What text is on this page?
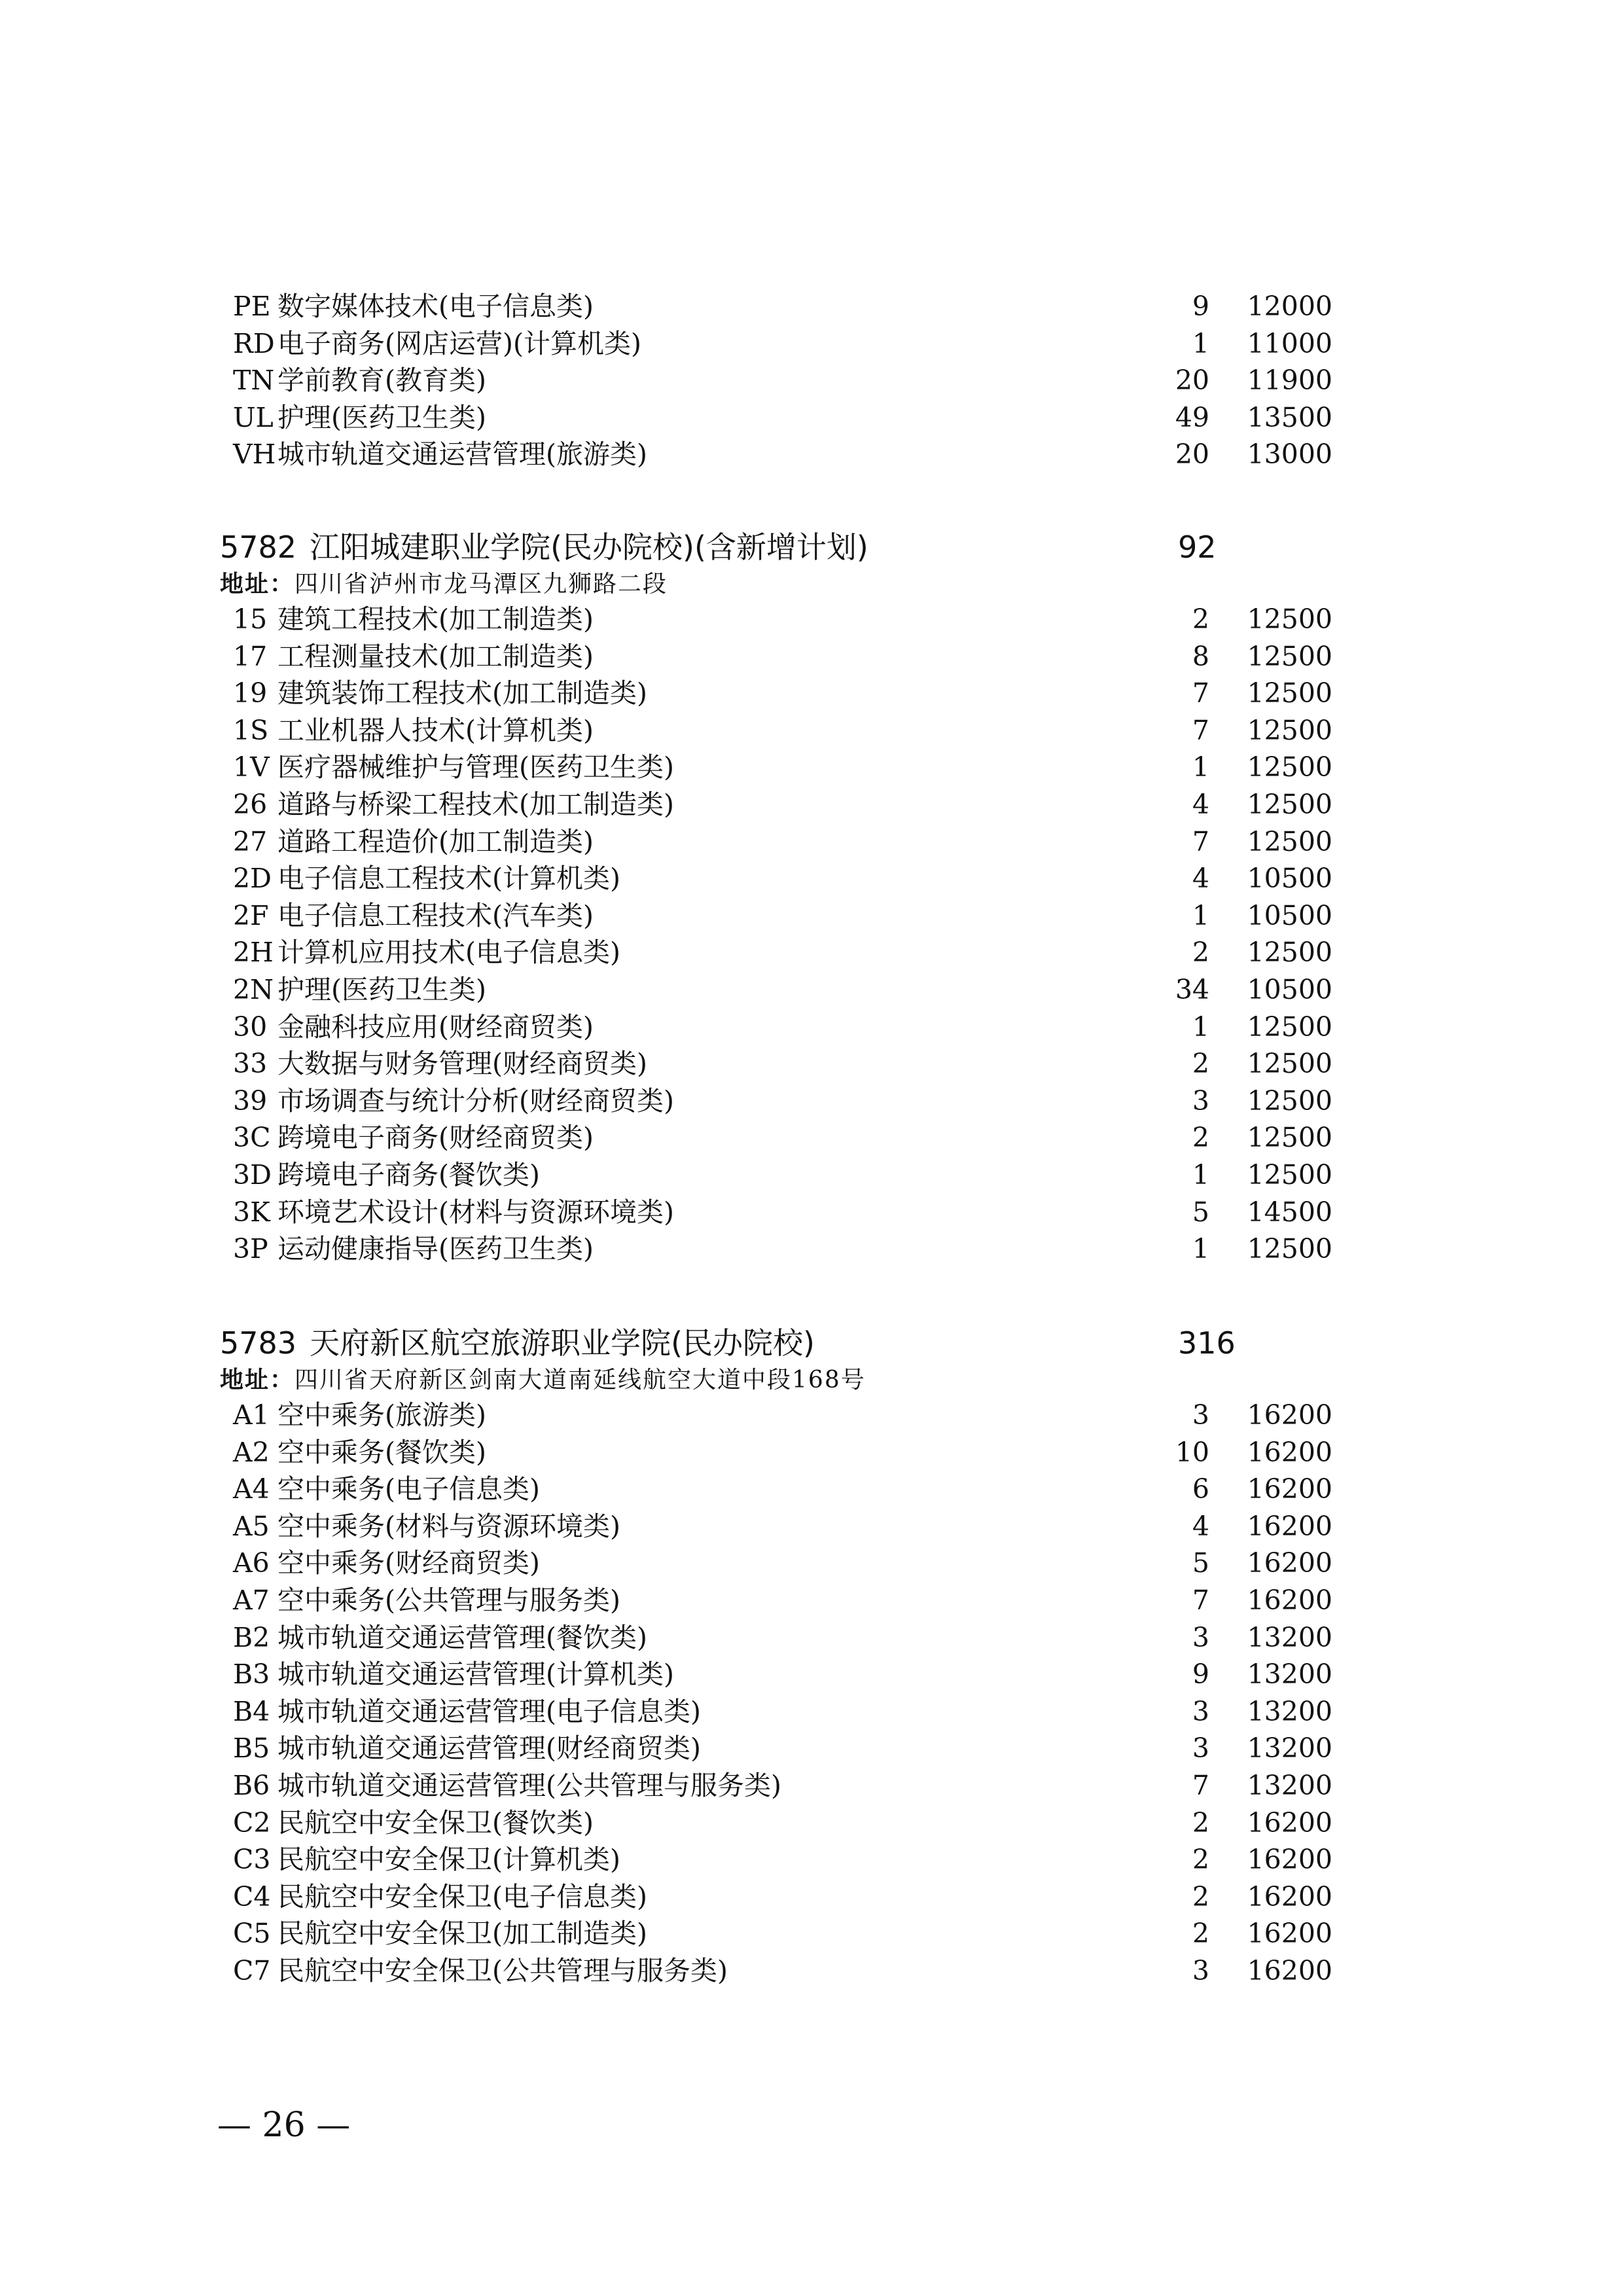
PE 数字媒体技术(电子信息类)	9	12000
RD 电子商务(网店运营)(计算机类)	1	11000
TN 学前教育(教育类)	20	11900
UL 护理(医药卫生类)	49	13500
VH 城市轨道交通运营管理(旅游类)	20	13000
5782 江阳城建职业学院(民办院校)(含新增计划)	92
地址：四川省泸州市龙马潭区九狮路二段
15 建筑工程技术(加工制造类)	2	12500
17 工程测量技术(加工制造类)	8	12500
19 建筑装饰工程技术(加工制造类)	7	12500
1S 工业机器人技术(计算机类)	7	12500
1V 医疗器械维护与管理(医药卫生类)	1	12500
26 道路与桥梁工程技术(加工制造类)	4	12500
27 道路工程造价(加工制造类)	7	12500
2D 电子信息工程技术(计算机类)	4	10500
2F 电子信息工程技术(汽车类)	1	10500
2H 计算机应用技术(电子信息类)	2	12500
2N 护理(医药卫生类)	34	10500
30 金融科技应用(财经商贸类)	1	12500
33 大数据与财务管理(财经商贸类)	2	12500
39 市场调查与统计分析(财经商贸类)	3	12500
3C 跨境电子商务(财经商贸类)	2	12500
3D 跨境电子商务(餐饮类)	1	12500
3K 环境艺术设计(材料与资源环境类)	5	14500
3P 运动健康指导(医药卫生类)	1	12500
5783 天府新区航空旅游职业学院(民办院校)	316
地址：四川省天府新区剑南大道南延线航空大道中段168号
A1 空中乘务(旅游类)	3	16200
A2 空中乘务(餐饮类)	10	16200
A4 空中乘务(电子信息类)	6	16200
A5 空中乘务(材料与资源环境类)	4	16200
A6 空中乘务(财经商贸类)	5	16200
A7 空中乘务(公共管理与服务类)	7	16200
B2 城市轨道交通运营管理(餐饮类)	3	13200
B3 城市轨道交通运营管理(计算机类)	9	13200
B4 城市轨道交通运营管理(电子信息类)	3	13200
B5 城市轨道交通运营管理(财经商贸类)	3	13200
B6 城市轨道交通运营管理(公共管理与服务类)	7	13200
C2 民航空中安全保卫(餐饮类)	2	16200
C3 民航空中安全保卫(计算机类)	2	16200
C4 民航空中安全保卫(电子信息类)	2	16200
C5 民航空中安全保卫(加工制造类)	2	16200
C7 民航空中安全保卫(公共管理与服务类)	3	16200
— 26 —
